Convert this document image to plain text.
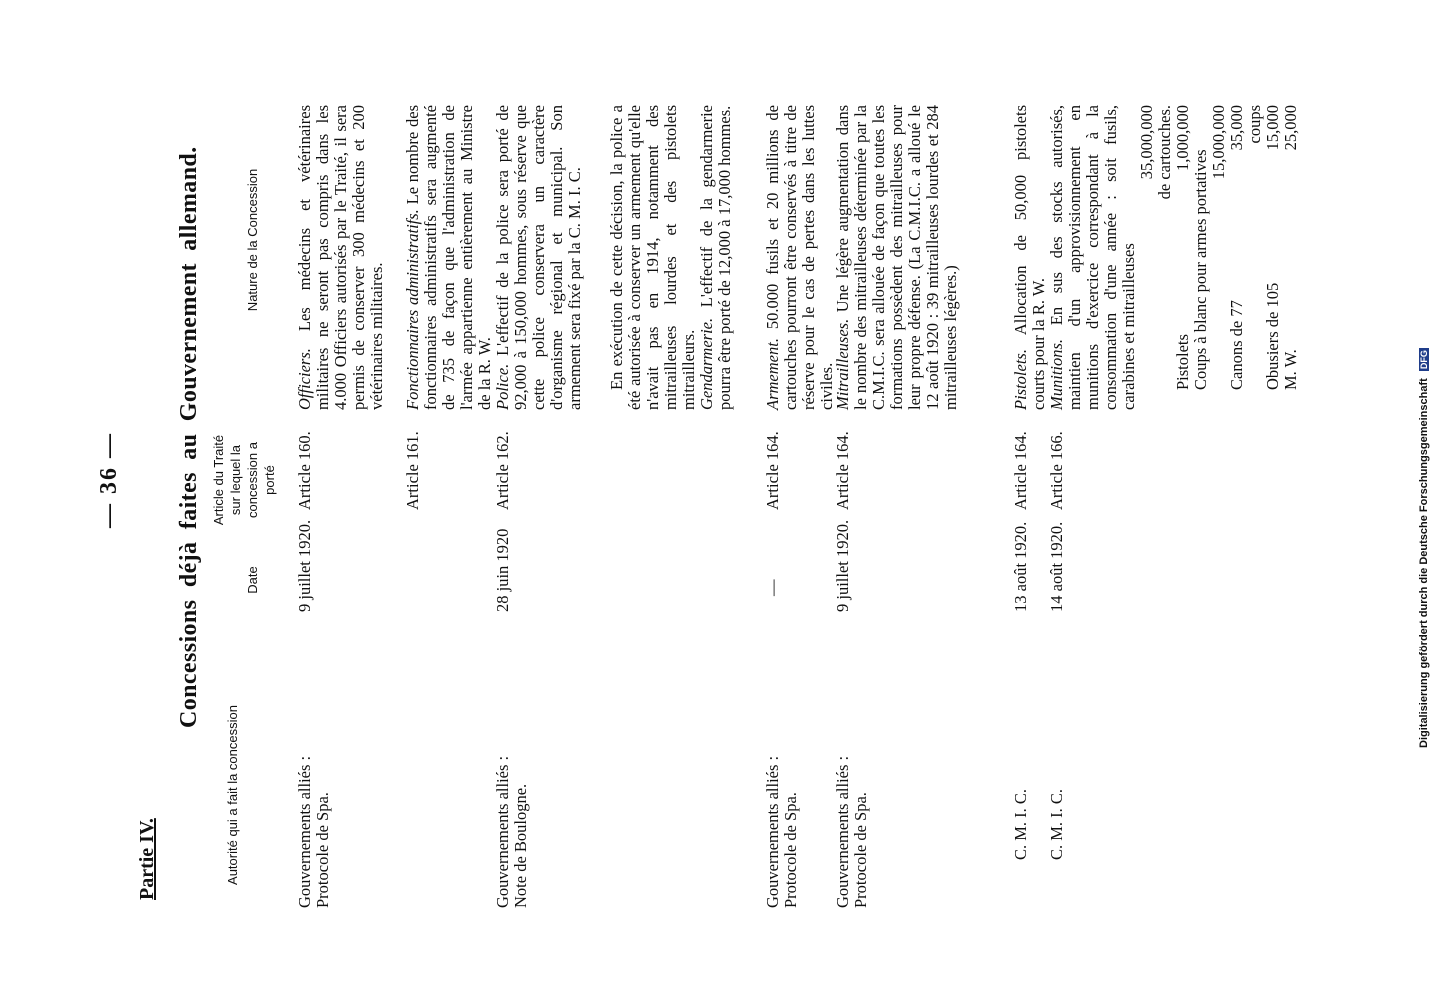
— 36 —
Partie IV.
Concessions déjà faites au Gouvernement allemand.
Autorité qui a fait la concession
Date
Article du Traité sur lequel la concession a porté
Nature de la Concession
Gouvernements alliés : Protocole de Spa.
9 juillet 1920.
Article 160.

Officiers. Les médecins et vétérinaires militaires ne seront pas compris dans les 4.000 Officiers autorisés par le Traité, il sera permis de conserver 300 médecins et 200 vétérinaires militaires.

Article 161.

Fonctionnaires administratifs. Le nombre des fonctionnaires administratifs sera augmenté de 735 de façon que l'administration de l'armée appartienne entièrement au Ministre de la R. W.

Gouvernements alliés : Note de Boulogne.
28 juin 1920
Article 162.

Police. L'effectif de la police sera porté de 92,000 à 150,000 hommes, sous réserve que cette police conservera un caractère d'organisme régional et municipal. Son armement sera fixé par la C. M. I. C. En exécution de cette décision, la police a été autorisée à conserver un armement qu'elle n'avait pas en 1914, notamment des mitrailleuses lourdes et des pistolets mitrailleurs. Gendarmerie. L'effectif de la gendarmerie pourra être porté de 12,000 à 17,000 hommes.

Gouvernements alliés : Protocole de Spa.
—
Article 164.

Armement. 50.000 fusils et 20 millions de cartouches pourront être conservés à titre de réserve pour le cas de pertes dans les luttes civiles.

Gouvernements alliés : Protocole de Spa.
9 juillet 1920.
Article 164.

Mitrailleuses. Une légère augmentation dans le nombre des mitrailleuses déterminée par la C.M.I.C. sera allouée de façon que toutes les formations possèdent des mitrailleuses pour leur propre défense. (La C.M.I.C. a alloué le 12 août 1920 : 39 mitrailleuses lourdes et 284 mitrailleuses légères.)

C. M. I. C.
13 août 1920.
Article 164.

Pistolets. Allocation de 50,000 pistolets courts pour la R. W.

C. M. I. C.
14 août 1920.
Article 166.

Munitions. En sus des stocks autorisés, maintien d'un approvisionnement en munitions d'exercice correspondant à la consommation d'une année : soit fusils, carabines et mitrailleuses

35,000,000 de cartouches.
Pistolets
1,000,000
Coups à blanc pour armes portatives
15,000,000
Canons de 77
35,000 coups
Obusiers de 105
15,000
M. W.
25,000
Digitalisierung gefördert durch die Deutsche Forschungsgemeinschaft DFG
